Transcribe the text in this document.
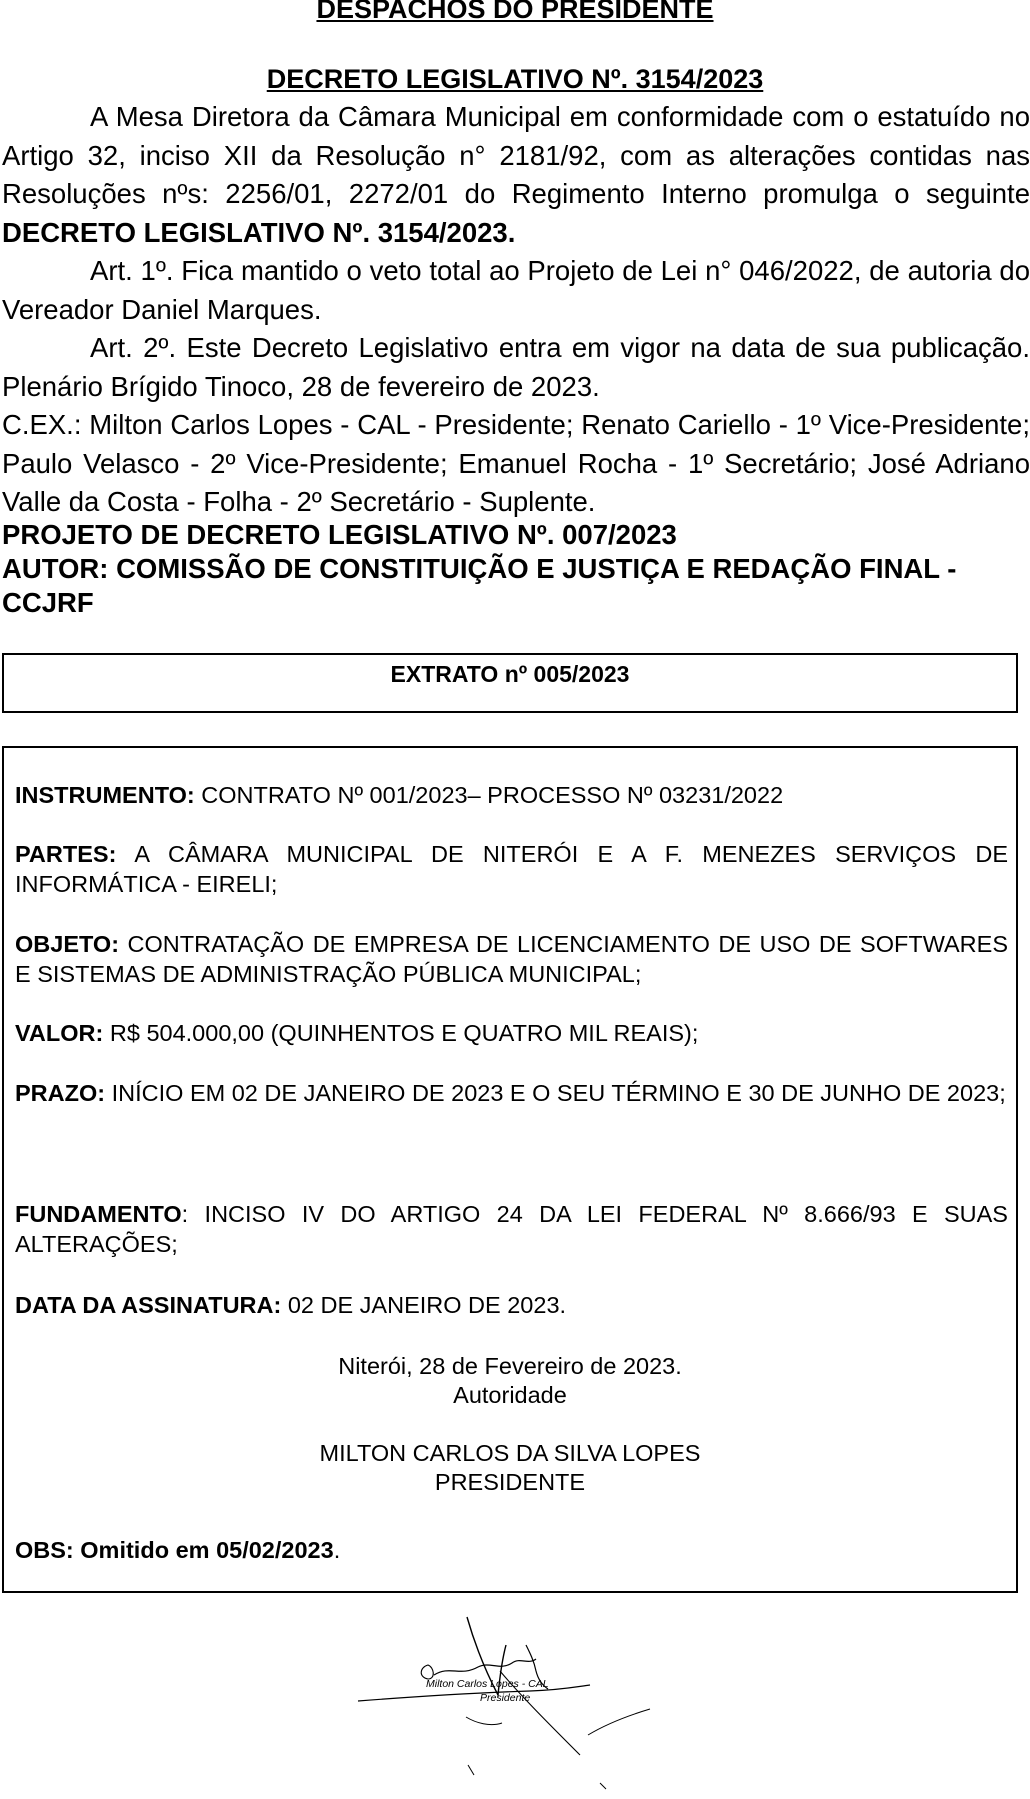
DESPACHOS DO PRESIDENTE
DECRETO LEGISLATIVO Nº. 3154/2023

A Mesa Diretora da Câmara Municipal em conformidade com o estatuído no Artigo 32, inciso XII da Resolução n° 2181/92, com as alterações contidas nas Resoluções nºs: 2256/01, 2272/01 do Regimento Interno promulga o seguinte DECRETO LEGISLATIVO Nº. 3154/2023.

Art. 1º. Fica mantido o veto total ao Projeto de Lei n° 046/2022, de autoria do Vereador Daniel Marques.

Art. 2º. Este Decreto Legislativo entra em vigor na data de sua publicação. Plenário Brígido Tinoco, 28 de fevereiro de 2023.

C.EX.: Milton Carlos Lopes - CAL - Presidente; Renato Cariello - 1º Vice-Presidente; Paulo Velasco - 2º Vice-Presidente; Emanuel Rocha - 1º Secretário; José Adriano Valle da Costa - Folha - 2º Secretário - Suplente.

PROJETO DE DECRETO LEGISLATIVO Nº. 007/2023

AUTOR: COMISSÃO DE CONSTITUIÇÃO E JUSTIÇA E REDAÇÃO FINAL - CCJRF

EXTRATO nº 005/2023

INSTRUMENTO: CONTRATO Nº 001/2023– PROCESSO Nº 03231/2022

PARTES: A CÂMARA MUNICIPAL DE NITERÓI E A F. MENEZES SERVIÇOS DE INFORMÁTICA - EIRELI;

OBJETO: CONTRATAÇÃO DE EMPRESA DE LICENCIAMENTO DE USO DE SOFTWARES E SISTEMAS DE ADMINISTRAÇÃO PÚBLICA MUNICIPAL;

VALOR: R$ 504.000,00 (QUINHENTOS E QUATRO MIL REAIS);

PRAZO: INÍCIO EM 02 DE JANEIRO DE 2023 E O SEU TÉRMINO E 30 DE JUNHO DE 2023;

FUNDAMENTO: INCISO IV DO ARTIGO 24 DA LEI FEDERAL Nº 8.666/93 E SUAS ALTERAÇÕES;

DATA DA ASSINATURA: 02 DE JANEIRO DE 2023.

Niterói, 28 de Fevereiro de 2023.

Autoridade

MILTON CARLOS DA SILVA LOPES

PRESIDENTE

OBS: Omitido em 05/02/2023.

Milton Carlos Lopes - CAL
Presidente
